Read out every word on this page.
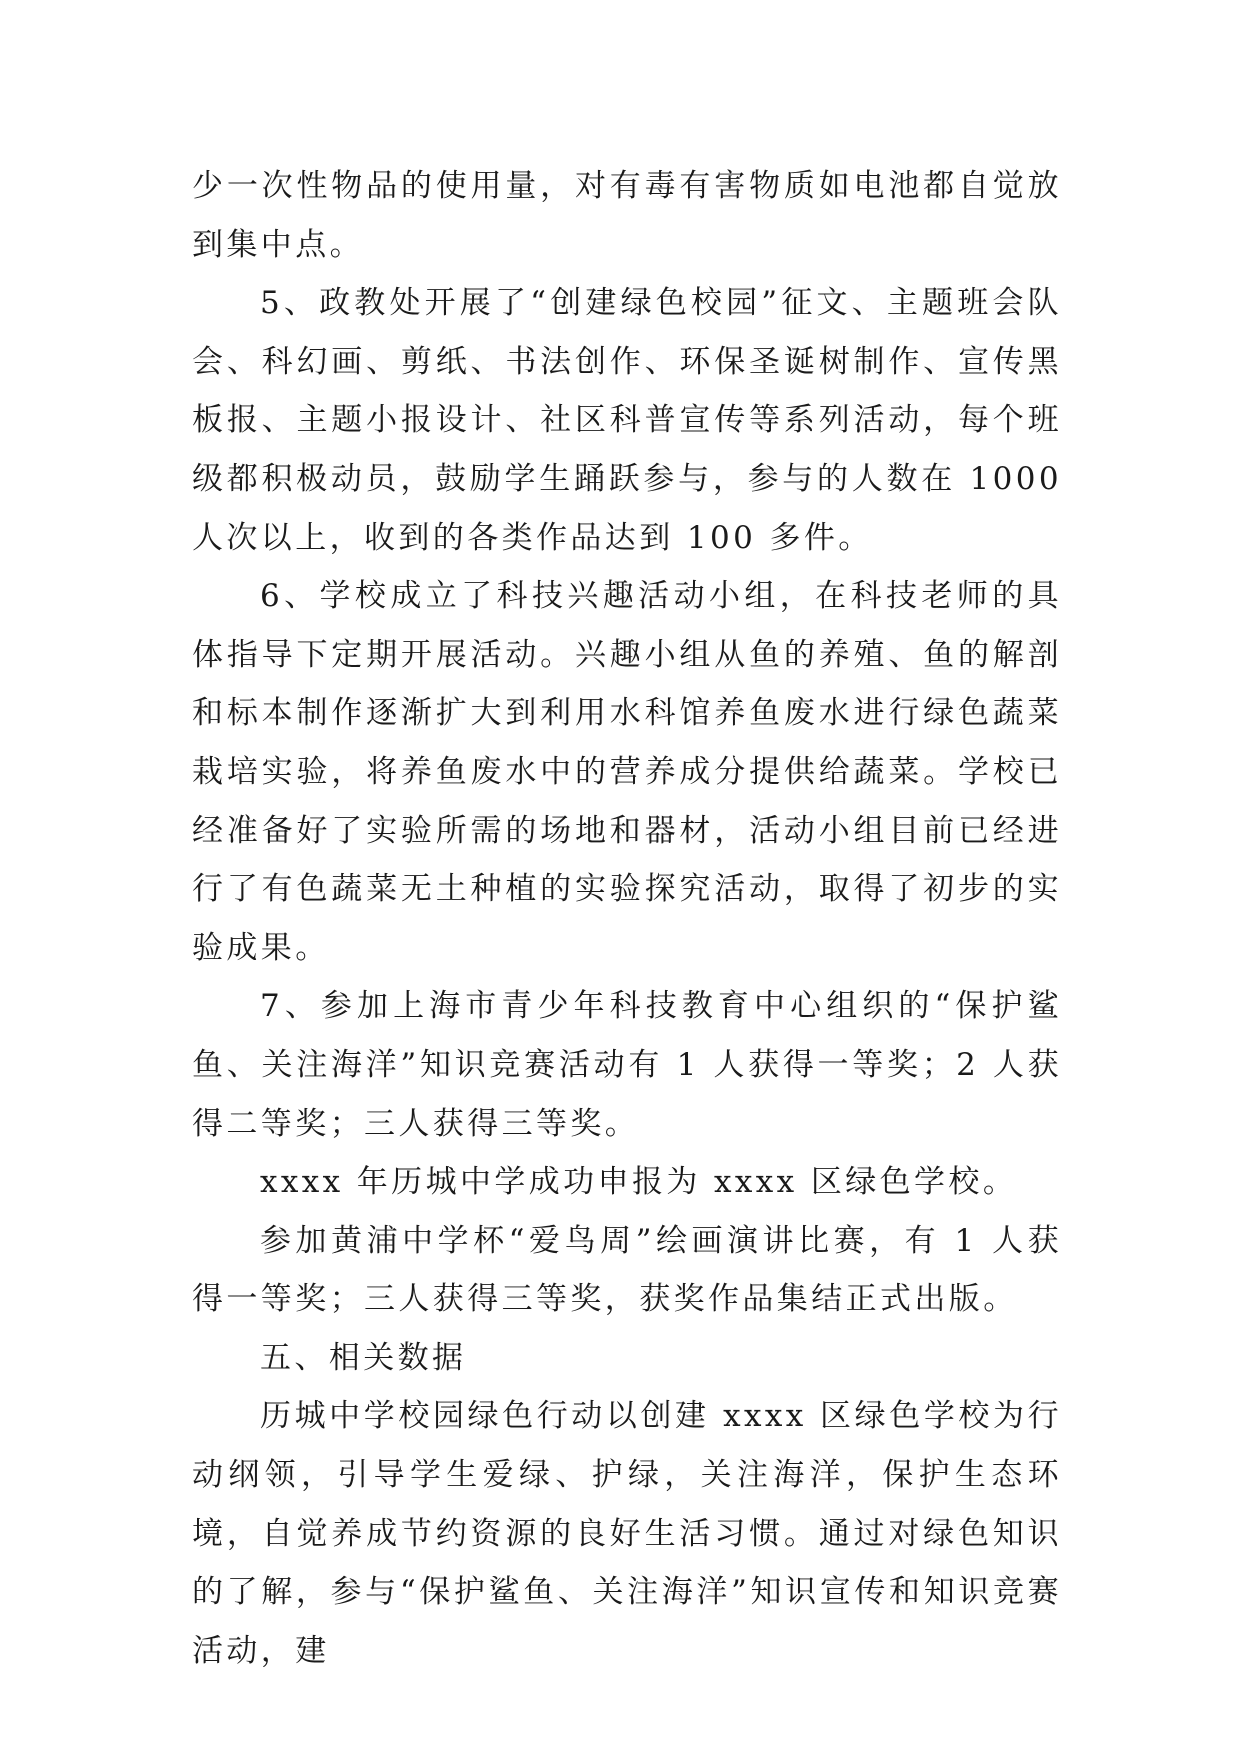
少一次性物品的使用量，对有毒有害物质如电池都自觉放到集中点。

5、政教处开展了“创建绿色校园”征文、主题班会队会、科幻画、剪纸、书法创作、环保圣诞树制作、宣传黑板报、主题小报设计、社区科普宣传等系列活动，每个班级都积极动员，鼓励学生踊跃参与，参与的人数在 1000 人次以上，收到的各类作品达到 100 多件。

6、学校成立了科技兴趣活动小组，在科技老师的具体指导下定期开展活动。兴趣小组从鱼的养殖、鱼的解剖和标本制作逐渐扩大到利用水科馆养鱼废水进行绿色蔬菜栽培实验，将养鱼废水中的营养成分提供给蔬菜。学校已经准备好了实验所需的场地和器材，活动小组目前已经进行了有色蔬菜无土种植的实验探究活动，取得了初步的实验成果。

7、参加上海市青少年科技教育中心组织的“保护鲨鱼、关注海洋”知识竞赛活动有 1 人获得一等奖；2 人获得二等奖；三人获得三等奖。

xxxx 年历城中学成功申报为 xxxx 区绿色学校。

参加黄浦中学杯“爱鸟周”绘画演讲比赛，有 1 人获得一等奖；三人获得三等奖，获奖作品集结正式出版。

五、相关数据

历城中学校园绿色行动以创建 xxxx 区绿色学校为行动纲领，引导学生爱绿、护绿，关注海洋，保护生态环境，自觉养成节约资源的良好生活习惯。通过对绿色知识的了解，参与“保护鲨鱼、关注海洋”知识宣传和知识竞赛活动，建
